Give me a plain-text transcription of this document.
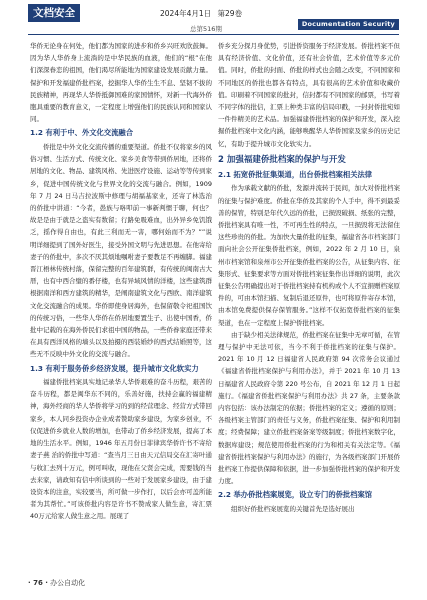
文档安全	2024年4月1日 第29卷
总第516期
Documentation Security

华侨无论身在何处，他们都为国家的进步和侨乡兴旺欢欣鼓舞。因为华人华侨身上流淌的是中华民族的血液，他们的“根”在他们深深眷恋的祖国，他们渴尽所能地为国家建设发展贡献力量。保护和开发福建侨批档案，挖掘华人华侨生生不息、坚韧不拔的民族精神，再现华人华侨抵御国难的家国情怀，对新一代海外侨胞具重要的教育意义，一定程度上增强他们的民族认同和国家认同。

1.2 有利于中、外文化交流融合

侨批是中外文化交流传播的重要渠道。侨批不仅将家乡的风俗习惯、生活方式、传统文化、家乡美食等带到侨居地，还将侨居地的文化、物品、建筑风格、先进医疗设施、运动等等传到家乡，促进中国传统文化与世界文化的交流与融合。例如，1909 年 7 月 24 日马吉拉波斯中修理与胡福基家业，还寄了林选治的侨批中讲道：“今者，愚族与咯叩前一事新判惯于聊，何也？故是是由于就是之盗实有数留；行路免吸难血，出外异乡免饥饿乏，摇作得自由也，有此三利而无一害，哪何始而不为？””说明详细提到了国外好医生，接受外国文明与先进思想。在他寄给妻子的侨批中，多次不厌其烦地嘱咐妻子要教足不再缠脚。福建晋江梧林传统村落，保留完整的百年建筑群，有传统的闽南古大厝，也有中西合璧的番仔楼，也有异域风情的洋楼，这些建筑群根据南洋和西方建筑的精华，是阐南建筑文化与西欧、南洋建筑文化交流融合的成果。华侨即使身居海外，也保留敬令祀祖国饮的传统习俗，一些华人华侨在侨居地要置生子、出使中国香，侨批中记载的在海外侨民们求祖中国的物品，一些侨眷家庭还带来在具有西洋风格的墙头以及拍摄的西装婚纱的西式结婚照等，这些无不反映中外文化的交流与融合。

1.3 有利于服务侨乡经济发展，提升城市文化软实力

福建侨批档案具实地记录华人华侨艰难的奋斗历程，艰苦的奋斗历程，都是闽华东不同的，乐善好施，扶持会赢的福建精神，海外经商的华人华侨将学习的到的经营理念、经营方式带回家乡，本人同乡投资办企业成者赞助家乡建设，为家乡创业，不仅促进侨乡就业人数的增加，也带动了侨乡经济发展，提高了本地的生活水平。例如，1946 年五月份日菲律宾华侨许书不寄给妻子燕 治的侨批中写道：“查当月三日由天元信局交在汇寄叶通与收汇去列十万元，例可叫收，现他在父贤会完成，需要钱的当去来家，请政知有信中所谈到的一些对于发展家乡建设，由于建设资本的注意，实较要当，所可做一步作打，以后会亦可盖所能者为其帮忙。”可该侨批内容是许书不赞成家人做生意，寄汇票40万元给家人做生意之用。展现了

侨乡充分探月身优势，引进侨资服务于经济发展。侨批档案不但具有经济价值、文化价值，还有社会价值，艺术价值等多元价值。同时，侨批的封面、侨批的样式也会随之改变，不同国家和不同地区的侨批也都各有特点，具有很高的艺术价值和收藏价值。印刷着不同国家的批封，信封都有不同国家的邮票，书写着不同字体的批信，汇票上种类丰富的信局印戳，一封封侨批宛如一件件精美的艺术品。加强福建侨批档案的保护和开发，深入挖掘侨批档案中文化内涵，能够唤醒华人华侨国家及家乡的历史记忆，有助于提升城市文化软实力。

2 加强福建侨批档案的保护与开发
2.1 拓宽侨批征集渠道，出台侨批档案相关法律

作为承载文献的侨批，发源并流转于民间，加大对侨批档案的征集与保护难度。侨批在华侨及其家的个人手中，得不到最妥善的保管，特别是年代久远的侨批，已损毁破损、纸张的完整，侨批档案具有唯一性，不可再生性的特点，一旦损毁将无法留住这些珍贵的侨批。为加快大量侨批的征集，福建省各市档案部门面向社会公开征集侨批档案，例如，2022 年 2 月 10 日，泉州市档案馆和泉州市公开征集侨批档案的公告，从征集内容、征集形式、征集要求等方面对侨批档案征集作出详细的说明，此次征集公告明确提出对于侨批档案持有机构或个人不宜捐赠档案原件的，可由本馆扫描、复制后退还原件，也可将原件寄存本馆，由本馆免费提供保存保管服务。”这样不仅拓宽侨批档案的征集渠道，也在一定程度上保护侨批档案。

由于缺少相关法律规范，侨批档案在征集中无章可循，在管理与保护中无法可依，当今不利于侨批档案的征集与保护。2021 年 10 月 12 日福建省人民政府第 94 次常务会议通过《福建省侨批档案保护与利用办法》，并于 2021 年 10 月 13 日福建省人民政府令第 220 号公布，自 2021 年 12 月 1 日起施行。《福建省侨批档案保护与利用办法》共 27 条，主要条款内容包括：该办法制定的依据；侨批档案的定义；遵循的原则；各级档案主管部门的责任与义务，侨批档案征集、保护和利用制度；经费保障；建立侨批档案备案等级制度；侨批档案数字化，数据库建设；规范使用侨批档案的行为和相关有关法定等。《福建省侨批档案保护与利用办法》的施行，为各级档案部门开展侨批档案工作提供保障和依据，进一步加强侨批档案的保护和开发力度。

2.2 举办侨批档案展览，设立专门的侨批档案馆

组织好侨批档案展览的关键首先是选好展出

· 76 · 办公自动化
